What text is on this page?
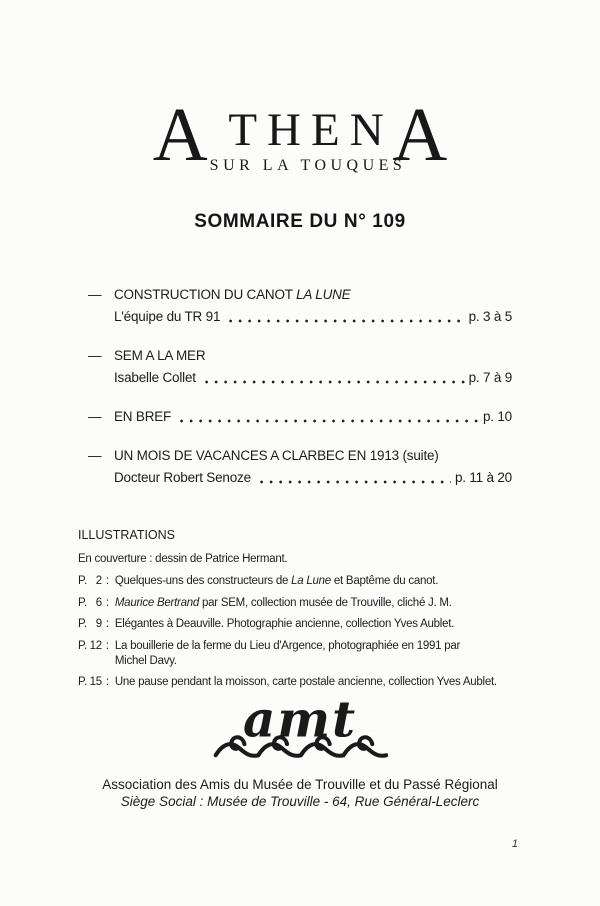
A THEN
SUR LA TOUQUES
A
SOMMAIRE DU N° 109
— CONSTRUCTION DU CANOT LA LUNE
L'équipe du TR 91	p. 3 à 5
— SEM A LA MER
Isabelle Collet	p. 7 à 9
— EN BREF	p. 10
— UN MOIS DE VACANCES A CLARBEC EN 1913 (suite)
Docteur Robert Senoze	p. 11 à 20
ILLUSTRATIONS
En couverture : dessin de Patrice Hermant.
P. 2 : Quelques-uns des constructeurs de La Lune et Baptême du canot.
P. 6 : Maurice Bertrand par SEM, collection musée de Trouville, cliché J. M.
P. 9 : Elégantes à Deauville. Photographie ancienne, collection Yves Aublet.
P. 12 : La bouillerie de la ferme du Lieu d'Argence, photographiée en 1991 par
Michel Davy.
P. 15 : Une pause pendant la moisson, carte postale ancienne, collection Yves Aublet.
amt
Association des Amis du Musée de Trouville et du Passé Régional
Siège Social : Musée de Trouville - 64, Rue Général-Leclerc
1
